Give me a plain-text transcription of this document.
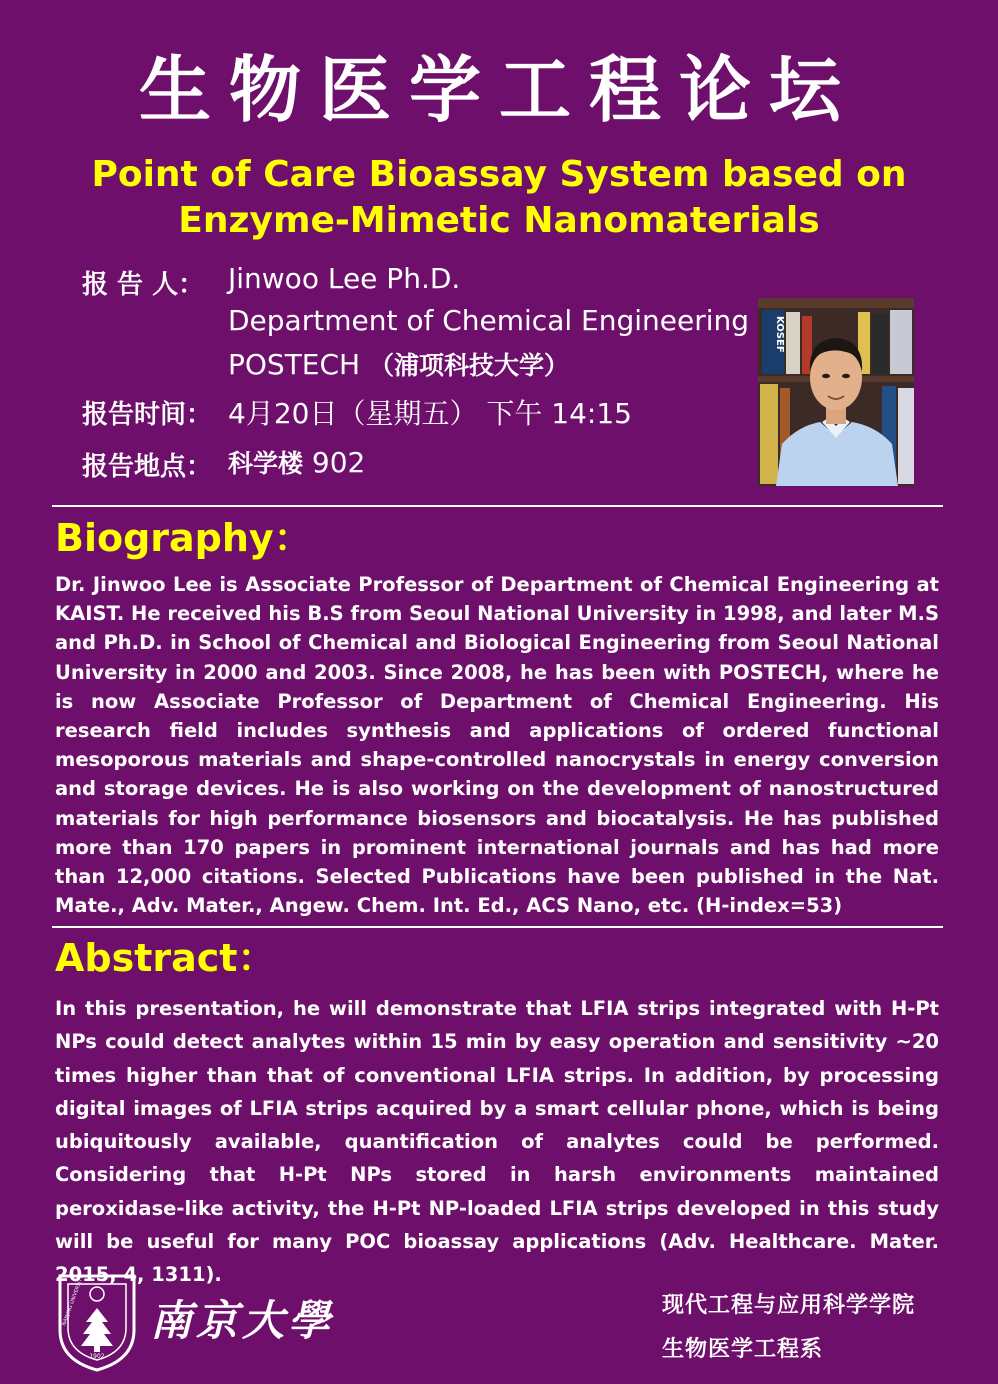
生物医学工程论坛
Point of Care Bioassay System based on
Enzyme-Mimetic Nanomaterials
报 告 人： Jinwoo Lee Ph.D.
Department of Chemical Engineering
POSTECH （浦项科技大学）
报告时间： 4月20日（星期五） 下午 14:15
报告地点： 科学楼 902
KOSEF
Biography：
Dr. Jinwoo Lee is Associate Professor of Department of Chemical Engineering at KAIST. He received his B.S from Seoul National University in 1998, and later M.S and Ph.D. in School of Chemical and Biological Engineering from Seoul National University in 2000 and 2003. Since 2008, he has been with POSTECH, where he is now Associate Professor of Department of Chemical Engineering. His research field includes synthesis and applications of ordered functional mesoporous materials and shape-controlled nanocrystals in energy conversion and storage devices. He is also working on the development of nanostructured materials for high performance biosensors and biocatalysis. He has published more than 170 papers in prominent international journals and has had more than 12,000 citations. Selected Publications have been published in the Nat. Mate., Adv. Mater., Angew. Chem. Int. Ed., ACS Nano, etc. (H-index=53)
Abstract：
In this presentation, he will demonstrate that LFIA strips integrated with H-Pt NPs could detect analytes within 15 min by easy operation and sensitivity ~20 times higher than that of conventional LFIA strips. In addition, by processing digital images of LFIA strips acquired by a smart cellular phone, which is being ubiquitously available, quantification of analytes could be performed. Considering that H-Pt NPs stored in harsh environments maintained peroxidase-like activity, the H-Pt NP-loaded LFIA strips developed in this study will be useful for many POC bioassay applications (Adv. Healthcare. Mater. 2015, 4, 1311).
1902
NANJING UNIVERSITY 南京大學	现代工程与应用科学学院
生物医学工程系
